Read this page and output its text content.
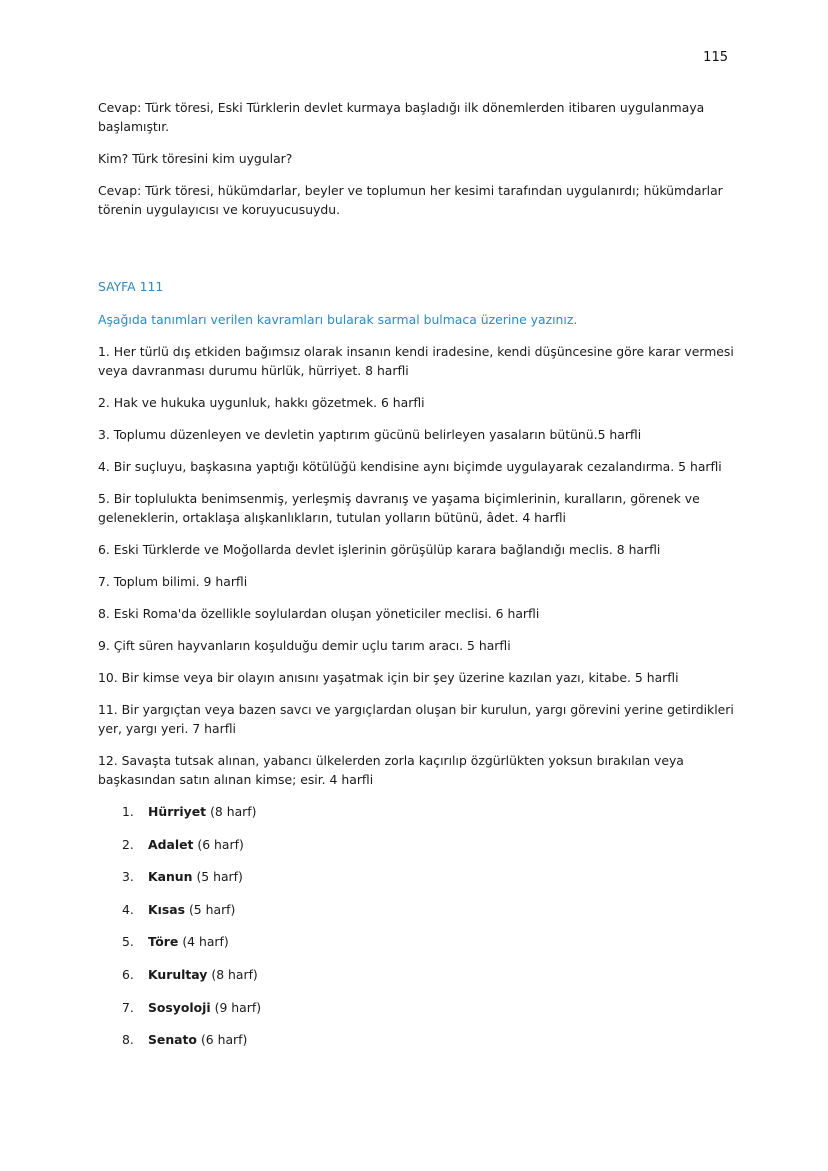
115

Cevap: Türk töresi, Eski Türklerin devlet kurmaya başladığı ilk dönemlerden itibaren uygulanmaya başlamıştır.

Kim? Türk töresini kim uygular?

Cevap: Türk töresi, hükümdarlar, beyler ve toplumun her kesimi tarafından uygulanırdı; hükümdarlar törenin uygulayıcısı ve koruyucusuydu.

SAYFA 111

Aşağıda tanımları verilen kavramları bularak sarmal bulmaca üzerine yazınız.

1. Her türlü dış etkiden bağımsız olarak insanın kendi iradesine, kendi düşüncesine göre karar vermesi veya davranması durumu hürlük, hürriyet. 8 harfli

2. Hak ve hukuka uygunluk, hakkı gözetmek. 6 harfli

3. Toplumu düzenleyen ve devletin yaptırım gücünü belirleyen yasaların bütünü.5 harfli

4. Bir suçluyu, başkasına yaptığı kötülüğü kendisine aynı biçimde uygulayarak cezalandırma. 5 harfli

5. Bir toplulukta benimsenmiş, yerleşmiş davranış ve yaşama biçimlerinin, kuralların, görenek ve geleneklerin, ortaklaşa alışkanlıkların, tutulan yolların bütünü, âdet. 4 harfli

6. Eski Türklerde ve Moğollarda devlet işlerinin görüşülüp karara bağlandığı meclis. 8 harfli

7. Toplum bilimi. 9 harfli

8. Eski Roma'da özellikle soylulardan oluşan yöneticiler meclisi. 6 harfli

9. Çift süren hayvanların koşulduğu demir uçlu tarım aracı. 5 harfli

10. Bir kimse veya bir olayın anısını yaşatmak için bir şey üzerine kazılan yazı, kitabe. 5 harfli

11. Bir yargıçtan veya bazen savcı ve yargıçlardan oluşan bir kurulun, yargı görevini yerine getirdikleri yer, yargı yeri. 7 harfli

12. Savaşta tutsak alınan, yabancı ülkelerden zorla kaçırılıp özgürlükten yoksun bırakılan veya başkasından satın alınan kimse; esir. 4 harfli

1.	Hürriyet (8 harf)
2.	Adalet (6 harf)
3.	Kanun (5 harf)
4.	Kısas (5 harf)
5.	Töre (4 harf)
6.	Kurultay (8 harf)
7.	Sosyoloji (9 harf)
8.	Senato (6 harf)
